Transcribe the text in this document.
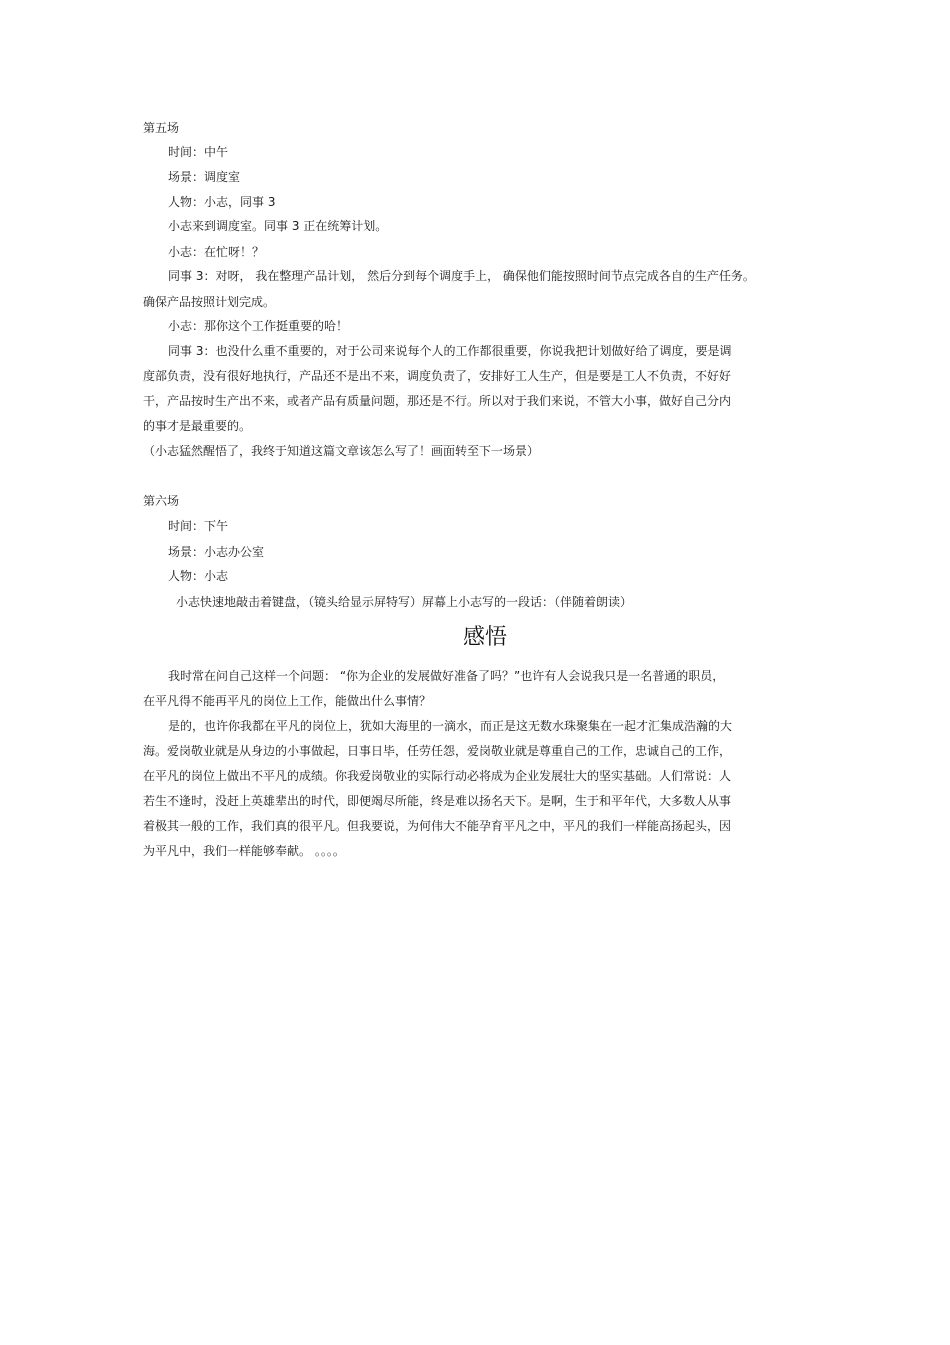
第五场
时间：中午
场景：调度室
人物：小志，同事 3
小志来到调度室。同事 3 正在统筹计划。
小志：在忙呀！？
同事 3：对呀， 我在整理产品计划， 然后分到每个调度手上， 确保他们能按照时间节点完成各自的生产任务。
确保产品按照计划完成。
小志：那你这个工作挺重要的哈！
同事 3：也没什么重不重要的，对于公司来说每个人的工作都很重要，你说我把计划做好给了调度，要是调
度部负责，没有很好地执行，产品还不是出不来，调度负责了，安排好工人生产，但是要是工人不负责，不好好
干，产品按时生产出不来，或者产品有质量问题，那还是不行。所以对于我们来说，不管大小事，做好自己分内
的事才是最重要的。
（小志猛然醒悟了，我终于知道这篇文章该怎么写了！画面转至下一场景）
第六场
时间：下午
场景：小志办公室
人物：小志
小志快速地敲击着键盘，（镜头给显示屏特写）屏幕上小志写的一段话：（伴随着朗读）
感悟
我时常在问自己这样一个问题： “你为企业的发展做好准备了吗？”也许有人会说我只是一名普通的职员，
在平凡得不能再平凡的岗位上工作，能做出什么事情？
是的，也许你我都在平凡的岗位上，犹如大海里的一滴水，而正是这无数水珠聚集在一起才汇集成浩瀚的大
海。爱岗敬业就是从身边的小事做起，日事日毕，任劳任怨，爱岗敬业就是尊重自己的工作，忠诚自己的工作，
在平凡的岗位上做出不平凡的成绩。你我爱岗敬业的实际行动必将成为企业发展壮大的坚实基础。人们常说：人
若生不逢时，没赶上英雄辈出的时代，即便竭尽所能，终是难以扬名天下。是啊，生于和平年代，大多数人从事
着极其一般的工作，我们真的很平凡。但我要说，为何伟大不能孕育平凡之中，平凡的我们一样能高扬起头，因
为平凡中，我们一样能够奉献。 。。。。
